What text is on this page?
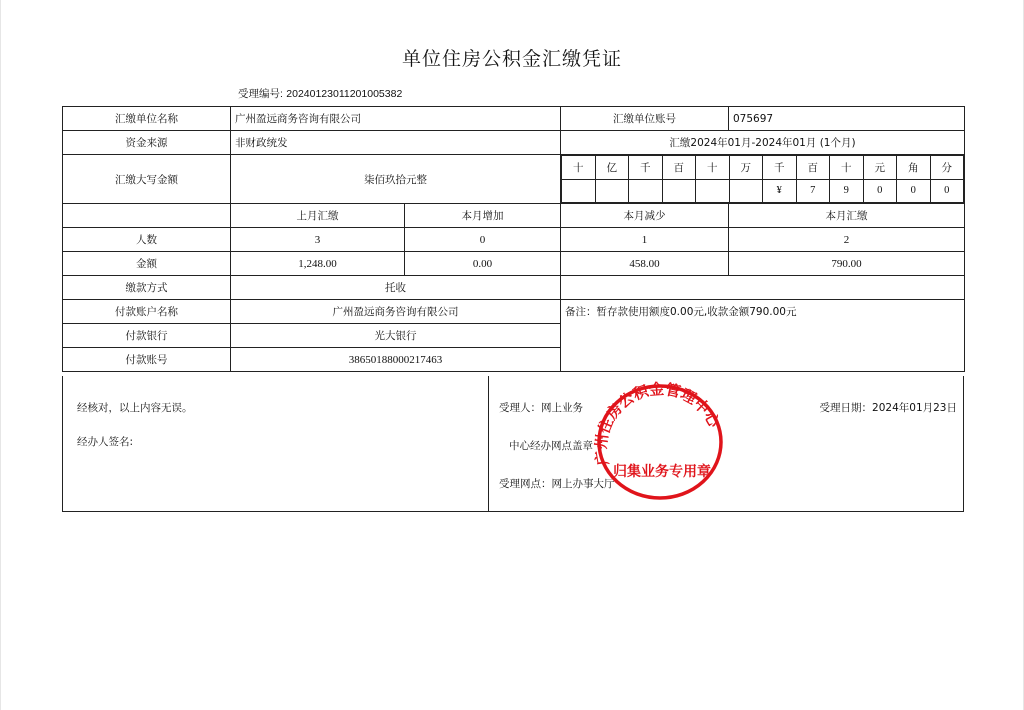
单位住房公积金汇缴凭证
受理编号: 20240123011201005382
汇缴单位名称	广州盈远商务咨询有限公司	汇缴单位账号	075697
资金来源	非财政统发	汇缴2024年01月-2024年01月 (1个月)
汇缴大写金额	柒佰玖拾元整	
十	亿	千	百	十	万	千	百	十	元	角	分
						¥	7	9	0	0	0

	上月汇缴	本月增加	本月减少	本月汇缴
人数	3	0	1	2
金额	1,248.00	0.00	458.00	790.00
缴款方式	托收	
付款账户名称	广州盈远商务咨询有限公司	备注：暂存款使用额度0.00元,收款金额790.00元
付款银行	光大银行
付款账号	38650188000217463
经核对，以上内容无误。
经办人签名:
受理人：网上业务
中心经办网点盖章
受理网点：网上办事大厅
受理日期：2024年01月23日
广州住房公积金管理中心
归集业务专用章
